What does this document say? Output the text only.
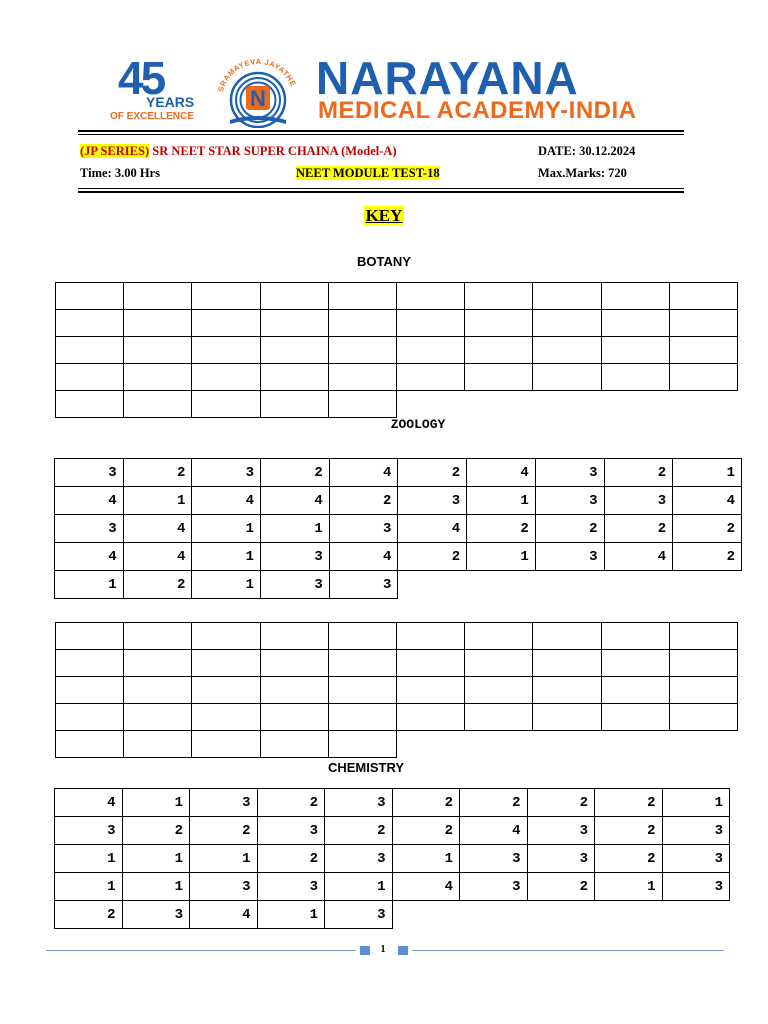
45
YEARS
OF EXCELLENCE
SRAMAYEVA JAYATHE
N NARAYANA
MEDICAL ACADEMY-INDIA
(JP SERIES) SR NEET STAR SUPER CHAINA (Model-A)	DATE: 30.12.2024
Time: 3.00 Hrs	NEET MODULE TEST-18	Max.Marks: 720
KEY
BOTANY

ZOOLOGY
3	2	3	2	4	2	4	3	2	1
4	1	4	4	2	3	1	3	3	4
3	4	1	1	3	4	2	2	2	2
4	4	1	3	4	2	1	3	4	2
1	2	1	3	3					

CHEMISTRY
4	1	3	2	3	2	2	2	2	1
3	2	2	3	2	2	4	3	2	3
1	1	1	2	3	1	3	3	2	3
1	1	3	3	1	4	3	2	1	3
2	3	4	1	3					
1
